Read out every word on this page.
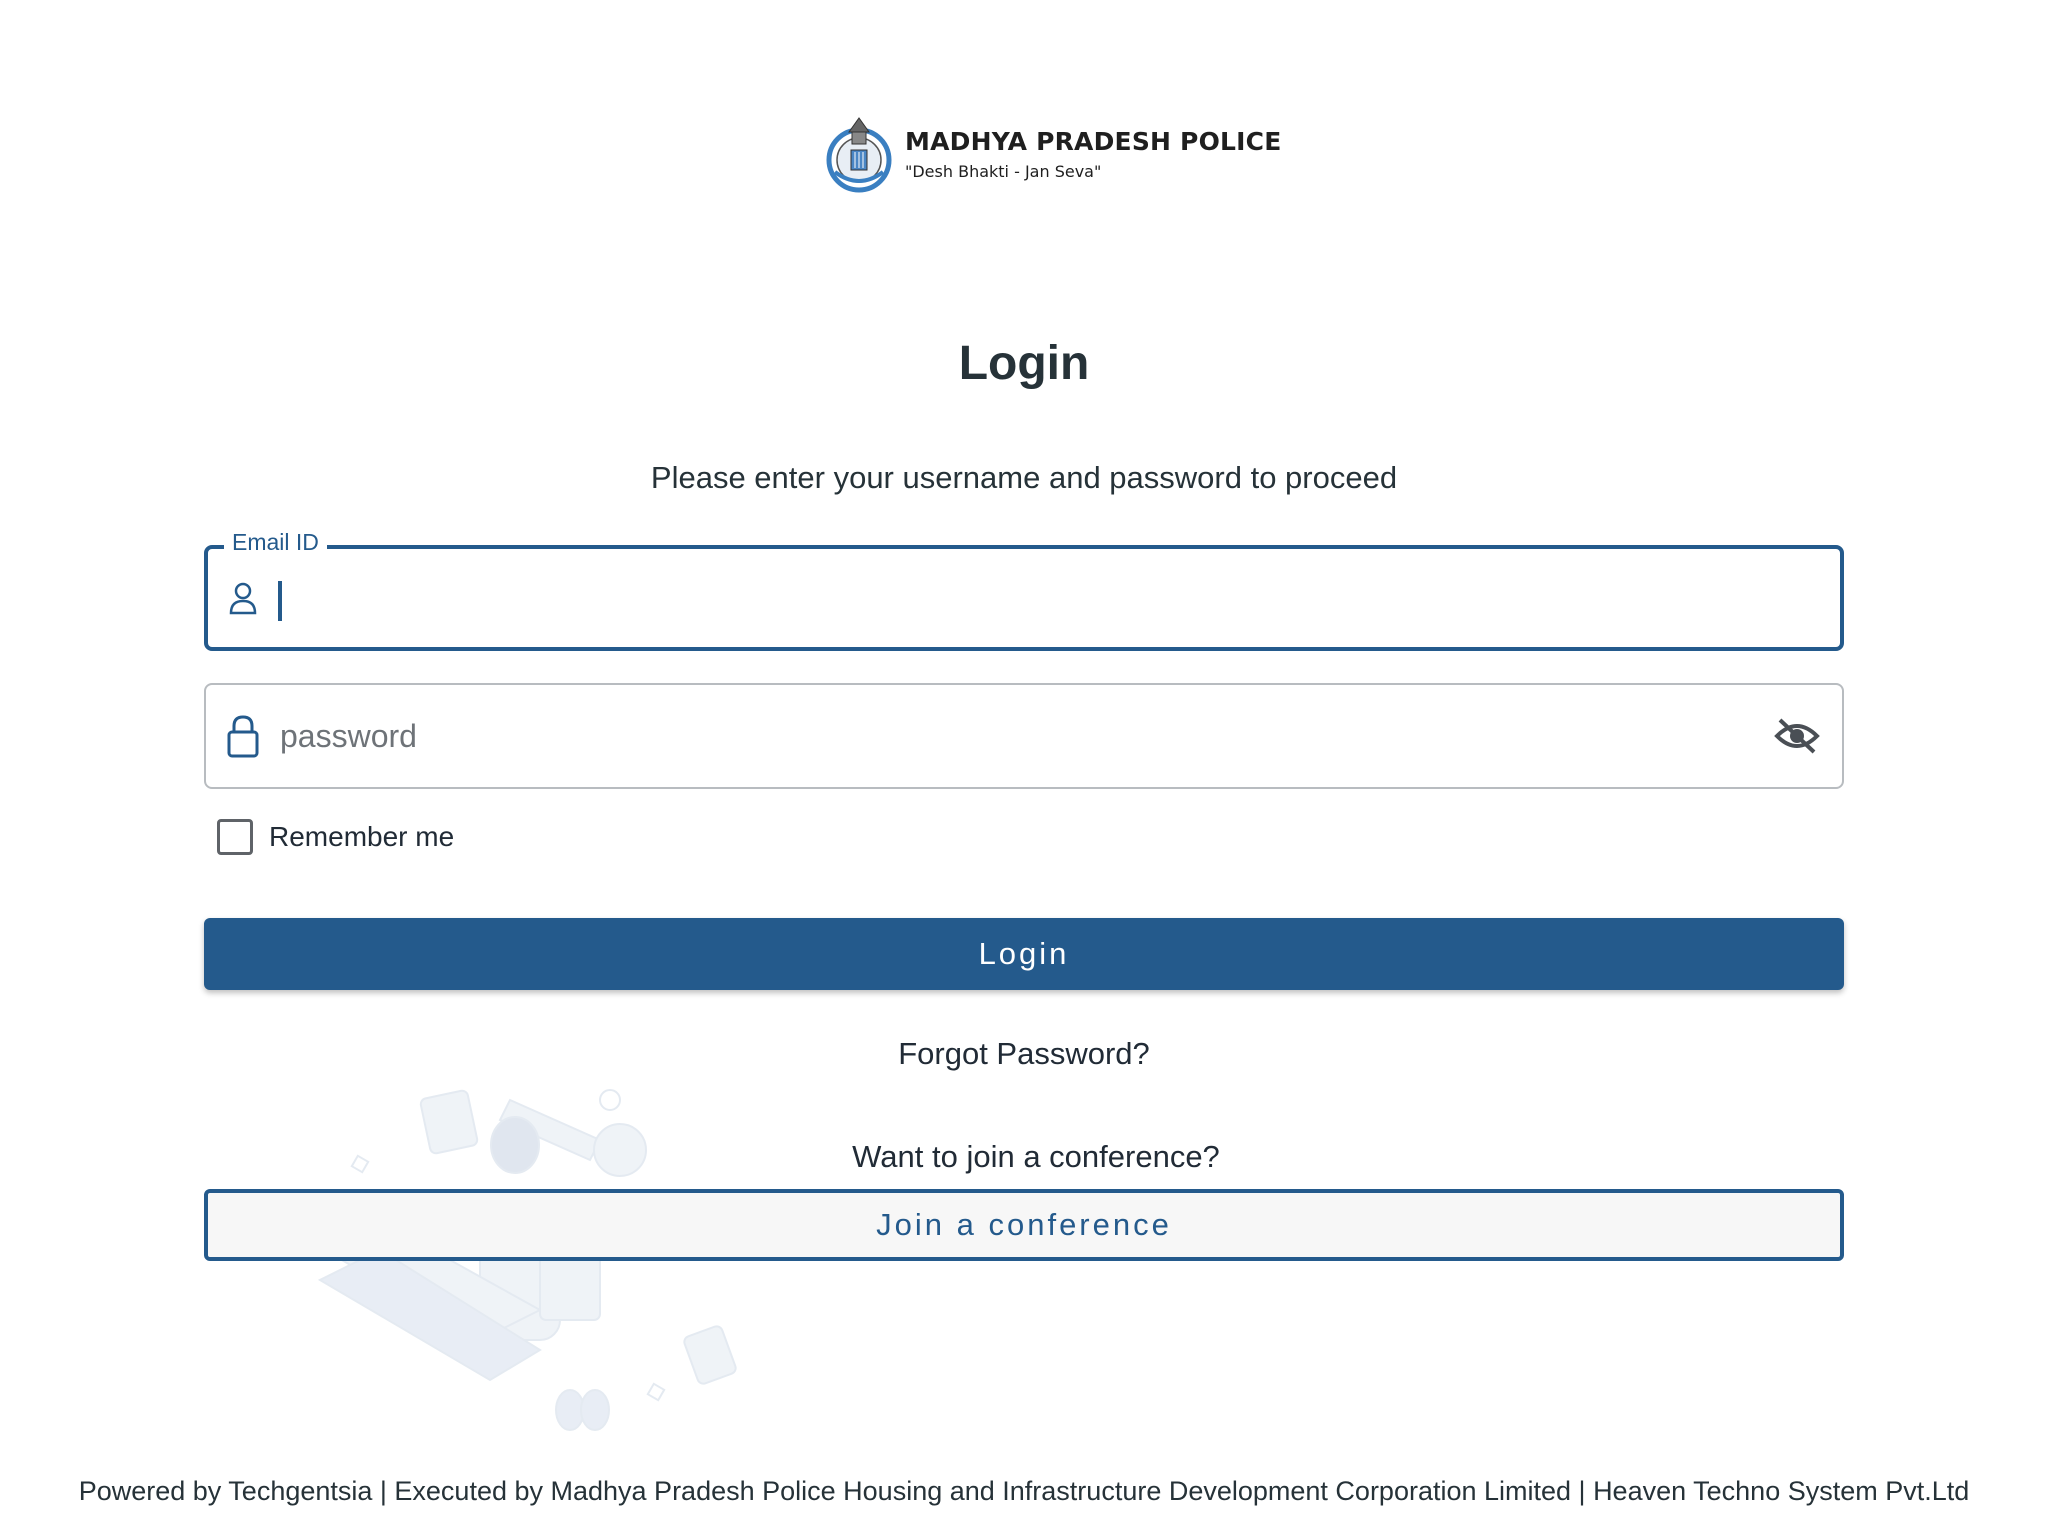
MADHYA PRADESH POLICE
"Desh Bhakti - Jan Seva"
Login

Please enter your username and password to proceed

Email ID
Remember me
Login
Forgot Password?
Want to join a conference?
Join a conference
Powered by Techgentsia | Executed by Madhya Pradesh Police Housing and Infrastructure Development Corporation Limited | Heaven Techno System Pvt.Ltd
